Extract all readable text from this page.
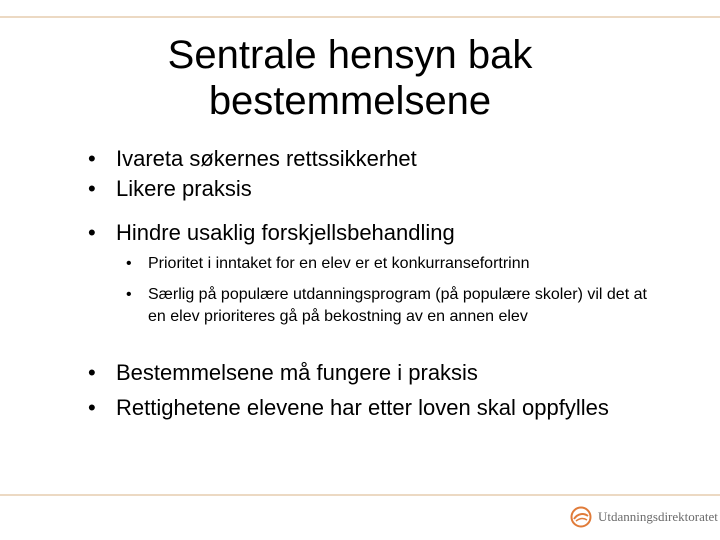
Sentrale hensyn bak
bestemmelsene
• Ivareta søkernes rettssikkerhet
• Likere praksis
• Hindre usaklig forskjellsbehandling
• Prioritet i inntaket for en elev er et konkurransefortrinn
• Særlig på populære utdanningsprogram (på populære skoler) vil det at en elev prioriteres gå på bekostning av en annen elev
• Bestemmelsene må fungere i praksis
• Rettighetene elevene har etter loven skal oppfylles
Utdanningsdirektoratet
